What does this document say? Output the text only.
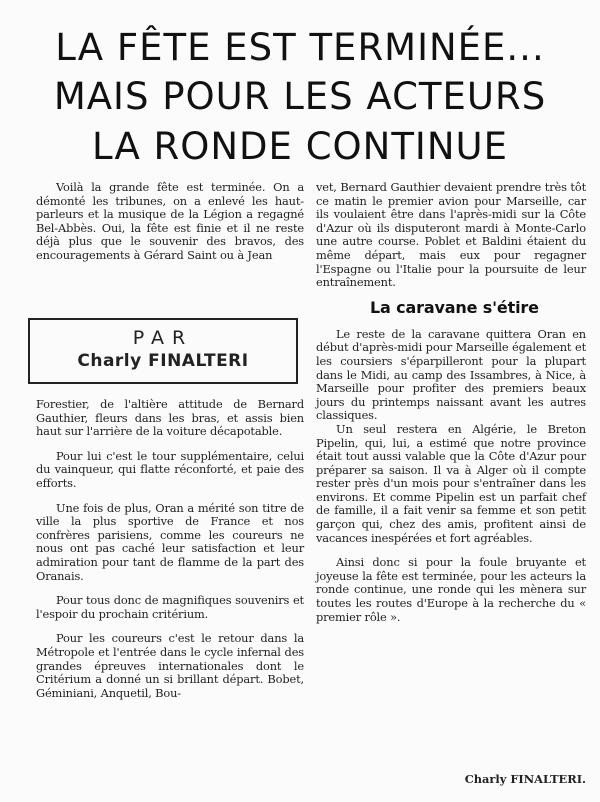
LA FÊTE EST TERMINÉE...
MAIS POUR LES ACTEURS
LA RONDE CONTINUE

Voilà la grande fête est terminée. On a démonté les tribunes, on a enlevé les haut-parleurs et la musique de la Légion a regagné Bel-Abbès. Oui, la fête est finie et il ne reste déjà plus que le souvenir des bravos, des encouragements à Gérard Saint ou à Jean

PAR
Charly FINALTERI

Forestier, de l'altière attitude de Bernard Gauthier, fleurs dans les bras, et assis bien haut sur l'arrière de la voiture décapotable.

Pour lui c'est le tour supplémentaire, celui du vainqueur, qui flatte réconforté, et paie des efforts.

Une fois de plus, Oran a mérité son titre de ville la plus sportive de France et nos confrères parisiens, comme les coureurs ne nous ont pas caché leur satisfaction et leur admiration pour tant de flamme de la part des Oranais.

Pour tous donc de magnifiques souvenirs et l'espoir du prochain critérium.

Pour les coureurs c'est le retour dans la Métropole et l'entrée dans le cycle infernal des grandes épreuves internationales dont le Critérium a donné un si brillant départ. Bobet, Géminiani, Anquetil, Bou-

vet, Bernard Gauthier devaient prendre très tôt ce matin le premier avion pour Marseille, car ils voulaient être dans l'après-midi sur la Côte d'Azur où ils disputeront mardi à Monte-Carlo une autre course. Poblet et Baldini étaient du même départ, mais eux pour regagner l'Espagne ou l'Italie pour la poursuite de leur entraînement.

La caravane s'étire

Le reste de la caravane quittera Oran en début d'après-midi pour Marseille également et les coursiers s'éparpilleront pour la plupart dans le Midi, au camp des Issambres, à Nice, à Marseille pour profiter des premiers beaux jours du printemps naissant avant les autres classiques.

Un seul restera en Algérie, le Breton Pipelin, qui, lui, a estimé que notre province était tout aussi valable que la Côte d'Azur pour préparer sa saison. Il va à Alger où il compte rester près d'un mois pour s'entraîner dans les environs. Et comme Pipelin est un parfait chef de famille, il a fait venir sa femme et son petit garçon qui, chez des amis, profitent ainsi de vacances inespérées et fort agréables.

Ainsi donc si pour la foule bruyante et joyeuse la fête est terminée, pour les acteurs la ronde continue, une ronde qui les mènera sur toutes les routes d'Europe à la recherche du « premier rôle ».

Charly FINALTERI.
